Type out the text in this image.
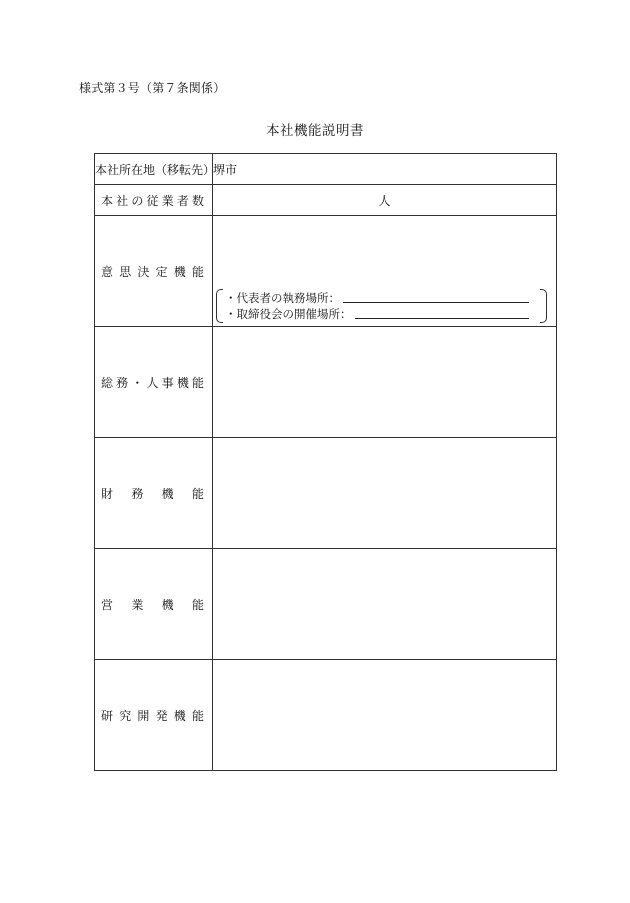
様式第３号（第７条関係）
本社機能説明書
本社所在地（移転先）	堺市
本社の従業者数	人

意思決定機能	・代表者の執務場所：
・取締役会の開催場所：

総務・人事機能	
財務機能	
営業機能	
研究開発機能	
